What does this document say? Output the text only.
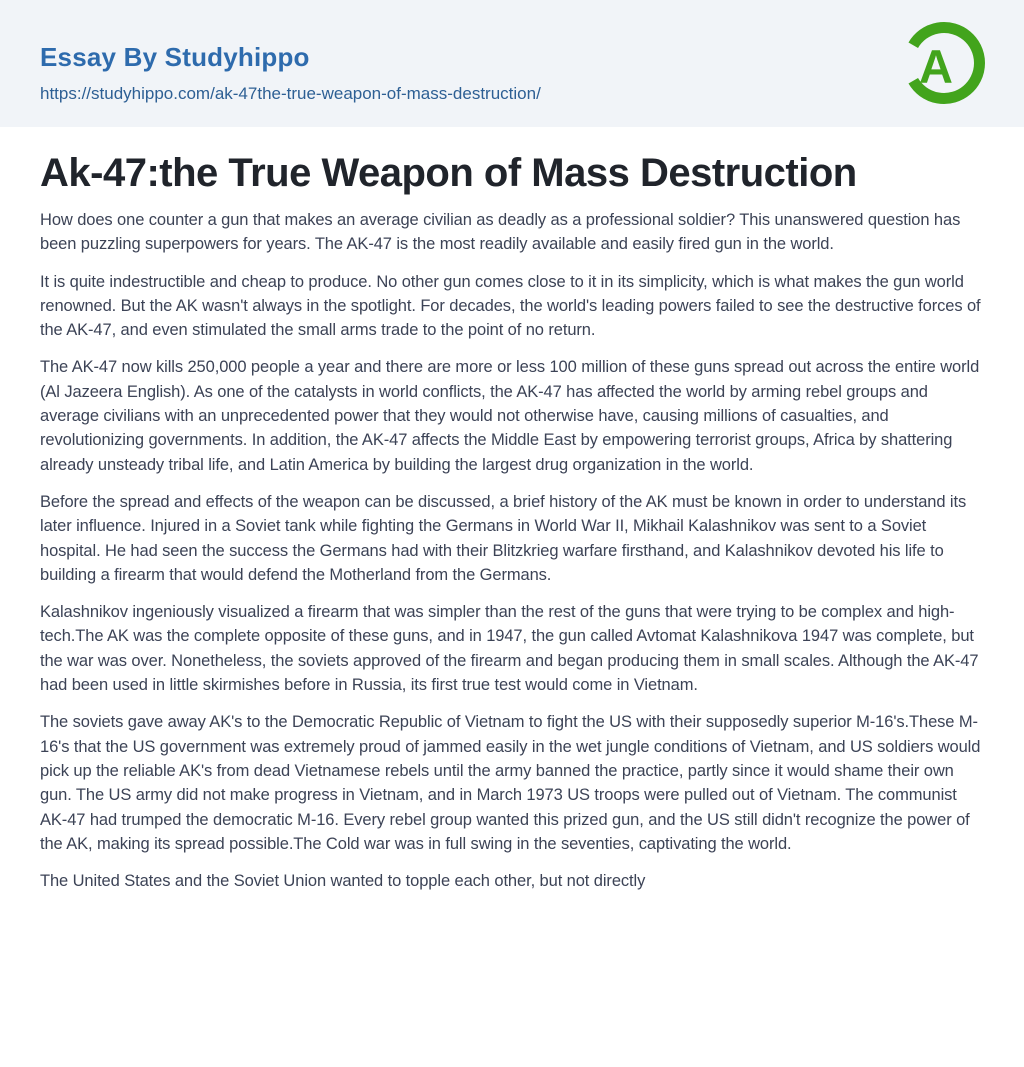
Essay By Studyhippo
https://studyhippo.com/ak-47the-true-weapon-of-mass-destruction/
A
Ak-47:the True Weapon of Mass Destruction

How does one counter a gun that makes an average civilian as deadly as a professional soldier? This unanswered question has been puzzling superpowers for years. The AK-47 is the most readily available and easily fired gun in the world.

It is quite indestructible and cheap to produce. No other gun comes close to it in its simplicity, which is what makes the gun world renowned. But the AK wasn't always in the spotlight. For decades, the world's leading powers failed to see the destructive forces of the AK-47, and even stimulated the small arms trade to the point of no return.

The AK-47 now kills 250,000 people a year and there are more or less 100 million of these guns spread out across the entire world (Al Jazeera English). As one of the catalysts in world conflicts, the AK-47 has affected the world by arming rebel groups and average civilians with an unprecedented power that they would not otherwise have, causing millions of casualties, and revolutionizing governments. In addition, the AK-47 affects the Middle East by empowering terrorist groups, Africa by shattering already unsteady tribal life, and Latin America by building the largest drug organization in the world.

Before the spread and effects of the weapon can be discussed, a brief history of the AK must be known in order to understand its later influence. Injured in a Soviet tank while fighting the Germans in World War II, Mikhail Kalashnikov was sent to a Soviet hospital. He had seen the success the Germans had with their Blitzkrieg warfare firsthand, and Kalashnikov devoted his life to building a firearm that would defend the Motherland from the Germans.

Kalashnikov ingeniously visualized a firearm that was simpler than the rest of the guns that were trying to be complex and high-tech.The AK was the complete opposite of these guns, and in 1947, the gun called Avtomat Kalashnikova 1947 was complete, but the war was over. Nonetheless, the soviets approved of the firearm and began producing them in small scales. Although the AK-47 had been used in little skirmishes before in Russia, its first true test would come in Vietnam.

The soviets gave away AK's to the Democratic Republic of Vietnam to fight the US with their supposedly superior M-16's.These M-16's that the US government was extremely proud of jammed easily in the wet jungle conditions of Vietnam, and US soldiers would pick up the reliable AK's from dead Vietnamese rebels until the army banned the practice, partly since it would shame their own gun. The US army did not make progress in Vietnam, and in March 1973 US troops were pulled out of Vietnam. The communist AK-47 had trumped the democratic M-16. Every rebel group wanted this prized gun, and the US still didn't recognize the power of the AK, making its spread possible.The Cold war was in full swing in the seventies, captivating the world.

The United States and the Soviet Union wanted to topple each other, but not directly
